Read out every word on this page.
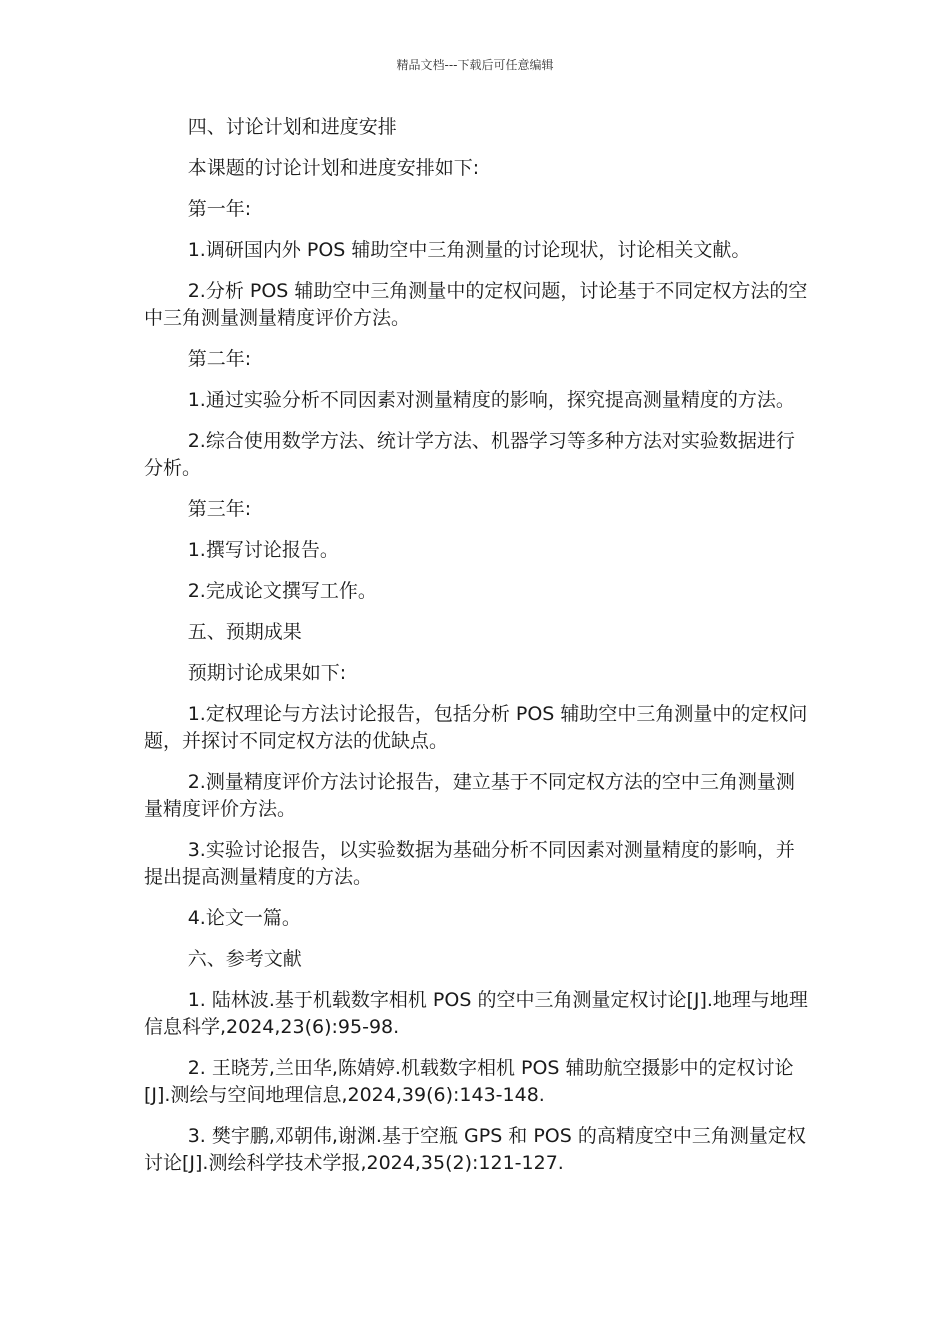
精品文档---下载后可任意编辑

四、讨论计划和进度安排

本课题的讨论计划和进度安排如下:

第一年:

1.调研国内外 POS 辅助空中三角测量的讨论现状，讨论相关文献。

2.分析 POS 辅助空中三角测量中的定权问题，讨论基于不同定权方法的空中三角测量测量精度评价方法。

第二年:

1.通过实验分析不同因素对测量精度的影响，探究提高测量精度的方法。

2.综合使用数学方法、统计学方法、机器学习等多种方法对实验数据进行分析。

第三年:

1.撰写讨论报告。

2.完成论文撰写工作。

五、预期成果

预期讨论成果如下:

1.定权理论与方法讨论报告，包括分析 POS 辅助空中三角测量中的定权问题，并探讨不同定权方法的优缺点。

2.测量精度评价方法讨论报告，建立基于不同定权方法的空中三角测量测量精度评价方法。

3.实验讨论报告，以实验数据为基础分析不同因素对测量精度的影响，并提出提高测量精度的方法。

4.论文一篇。

六、参考文献

1. 陆林波.基于机载数字相机 POS 的空中三角测量定权讨论[J].地理与地理信息科学,2024,23(6):95-98.

2. 王晓芳,兰田华,陈婧婷.机载数字相机 POS 辅助航空摄影中的定权讨论[J].测绘与空间地理信息,2024,39(6):143-148.

3. 樊宇鹏,邓朝伟,谢渊.基于空瓶 GPS 和 POS 的高精度空中三角测量定权讨论[J].测绘科学技术学报,2024,35(2):121-127.
